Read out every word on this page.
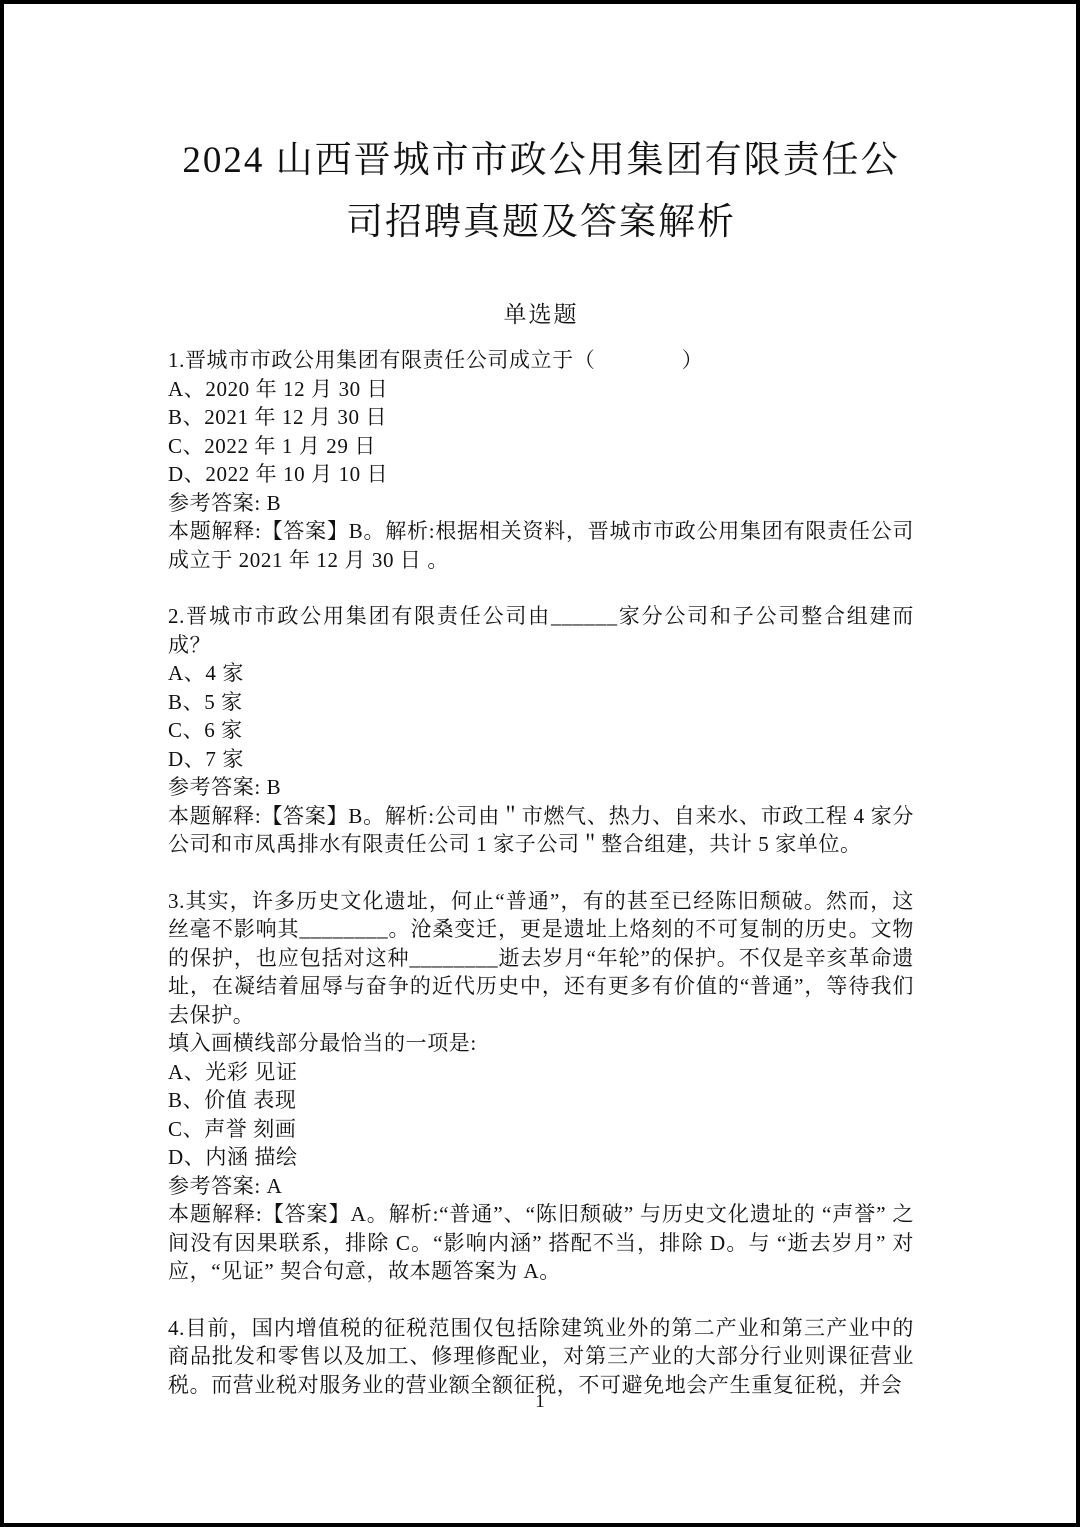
2024 山西晋城市市政公用集团有限责任公
司招聘真题及答案解析
单选题

1.晋城市市政公用集团有限责任公司成立于（　　　　）

A、2020 年 12 月 30 日
B、2021 年 12 月 30 日
C、2022 年 1 月 29 日
D、2022 年 10 月 10 日
参考答案: B

本题解释:【答案】B。解析:根据相关资料，晋城市市政公用集团有限责任公司成立于 2021 年 12 月 30 日 。

2.晋城市市政公用集团有限责任公司由______家分公司和子公司整合组建而成？

A、4 家
B、5 家
C、6 家
D、7 家
参考答案: B

本题解释:【答案】B。解析:公司由＂市燃气、热力、自来水、市政工程 4 家分公司和市凤禹排水有限责任公司 1 家子公司＂整合组建，共计 5 家单位。

3.其实，许多历史文化遗址，何止“普通”，有的甚至已经陈旧颓破。然而，这丝毫不影响其________。沧桑变迁，更是遗址上烙刻的不可复制的历史。文物的保护，也应包括对这种________逝去岁月“年轮”的保护。不仅是辛亥革命遗址，在凝结着屈辱与奋争的近代历史中，还有更多有价值的“普通”，等待我们去保护。

填入画横线部分最恰当的一项是:
A、光彩 见证
B、价值 表现
C、声誉 刻画
D、内涵 描绘
参考答案: A

本题解释:【答案】A。解析:“普通”、“陈旧颓破” 与历史文化遗址的 “声誉” 之间没有因果联系，排除 C。“影响内涵” 搭配不当，排除 D。与 “逝去岁月” 对应，“见证” 契合句意，故本题答案为 A。

4.目前，国内增值税的征税范围仅包括除建筑业外的第二产业和第三产业中的商品批发和零售以及加工、修理修配业，对第三产业的大部分行业则课征营业税。而营业税对服务业的营业额全额征税，不可避免地会产生重复征税，并会

1
